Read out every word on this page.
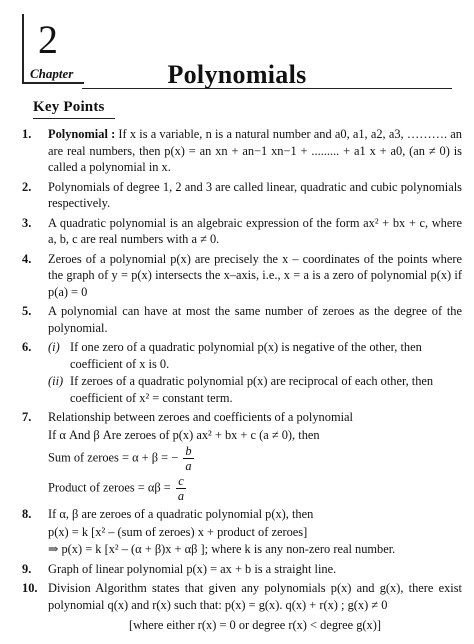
2
Chapter	Polynomials
Key Points
1.	Polynomial : If x is a variable, n is a natural number and a0, a1, a2, a3, ………. an are real numbers, then p(x) = an xn + an−1 xn−1 + ......... + a1 x + a0, (an ≠ 0) is called a polynomial in x.
2.	Polynomials of degree 1, 2 and 3 are called linear, quadratic and cubic polynomials respectively.
3.	A quadratic polynomial is an algebraic expression of the form ax² + bx + c, where a, b, c are real numbers with a ≠ 0.
4.	Zeroes of a polynomial p(x) are precisely the x – coordinates of the points where the graph of y = p(x) intersects the x–axis, i.e., x = a is a zero of polynomial p(x) if p(a) = 0
5.	A polynomial can have at most the same number of zeroes as the degree of the polynomial.
6.	(i) If one zero of a quadratic polynomial p(x) is negative of the other, then
coefficient of x is 0.
(ii) If zeroes of a quadratic polynomial p(x) are reciprocal of each other, then
coefficient of x² = constant term.
7.	Relationship between zeroes and coefficients of a polynomial
If α And β Are zeroes of p(x) ax² + bx + c (a ≠ 0), then
Sum of zeroes = α + β = − $\frac{b}{a}$
Product of zeroes = $\alpha\beta = \frac{c}{a}$
8.	If α, β are zeroes of a quadratic polynomial p(x), then
p(x) = k [x² – (sum of zeroes) x + product of zeroes]
⇒ p(x) = k [x² – (α + β)x + αβ ]; where k is any non-zero real number.
9.	Graph of linear polynomial p(x) = ax + b is a straight line.
10. Division Algorithm states that given any polynomials p(x) and g(x), there exist polynomial q(x) and r(x) such that: p(x) = g(x). q(x) + r(x) ; g(x) ≠ 0
[where either r(x) = 0 or degree r(x) < degree g(x)]
